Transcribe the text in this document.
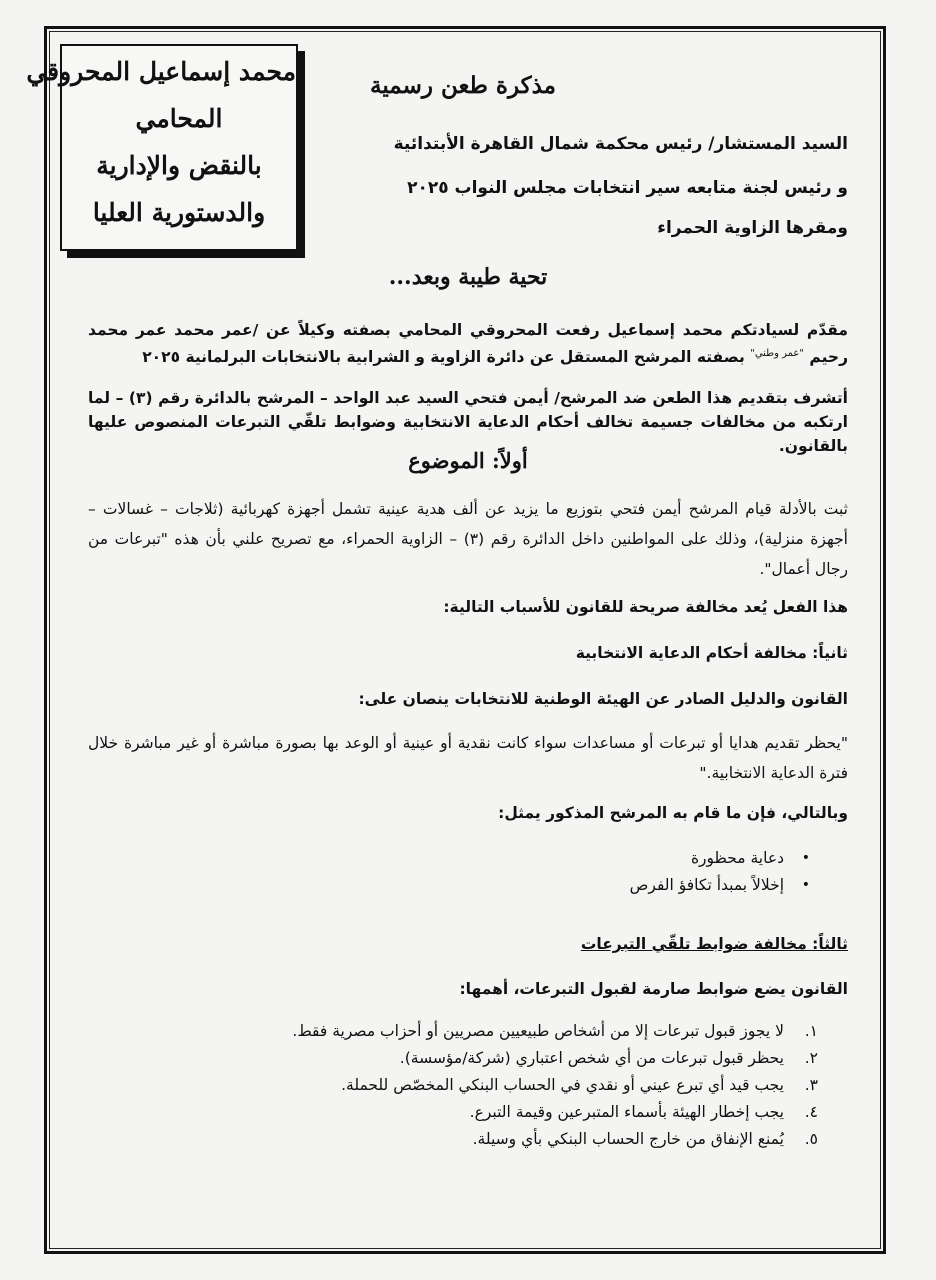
محمد إسماعيل المحروقي
المحامي
بالنقض والإدارية
والدستورية العليا
مذكرة طعن رسمية
السيد المستشار/ رئيس محكمة شمال القاهرة الأبتدائية
و رئيس لجنة متابعه سير انتخابات مجلس النواب ٢٠٢٥
ومقرها الزاوية الحمراء
تحية طيبة وبعد...
مقدّم لسيادتكم محمد إسماعيل رفعت المحروقي المحامي بصفته وكيلاً عن /عمر محمد عمر محمد رحيم $^{"عمر وطني"}$ بصفته المرشح المستقل عن دائرة الزاوية و الشرابية بالانتخابات البرلمانية ٢٠٢٥
أتشرف بتقديم هذا الطعن ضد المرشح/ أيمن فتحي السيد عبد الواحد – المرشح بالدائرة رقم (٣) – لما ارتكبه من مخالفات جسيمة تخالف أحكام الدعاية الانتخابية وضوابط تلقّي التبرعات المنصوص عليها بالقانون.
أولاً: الموضوع
ثبت بالأدلة قيام المرشح أيمن فتحي بتوزيع ما يزيد عن ألف هدية عينية تشمل أجهزة كهربائية (ثلاجات – غسالات – أجهزة منزلية)، وذلك على المواطنين داخل الدائرة رقم (٣) – الزاوية الحمراء، مع تصريح علني بأن هذه "تبرعات من رجال أعمال".
هذا الفعل يُعد مخالفة صريحة للقانون للأسباب التالية:
ثانياً: مخالفة أحكام الدعاية الانتخابية
القانون والدليل الصادر عن الهيئة الوطنية للانتخابات ينصان على:
"يحظر تقديم هدايا أو تبرعات أو مساعدات سواء كانت نقدية أو عينية أو الوعد بها بصورة مباشرة أو غير مباشرة خلال فترة الدعاية الانتخابية."
وبالتالي، فإن ما قام به المرشح المذكور يمثل:
• دعاية محظورة
• إخلالاً بمبدأ تكافؤ الفرص
ثالثاً: مخالفة ضوابط تلقّي التبرعات
القانون يضع ضوابط صارمة لقبول التبرعات، أهمها:
١.
لا يجوز قبول تبرعات إلا من أشخاص طبيعيين مصريين أو أحزاب مصرية فقط.
٢.
يحظر قبول تبرعات من أي شخص اعتباري (شركة/مؤسسة).
٣.
يجب قيد أي تبرع عيني أو نقدي في الحساب البنكي المخصّص للحملة.
٤.
يجب إخطار الهيئة بأسماء المتبرعين وقيمة التبرع.
٥.
يُمنع الإنفاق من خارج الحساب البنكي بأي وسيلة.
